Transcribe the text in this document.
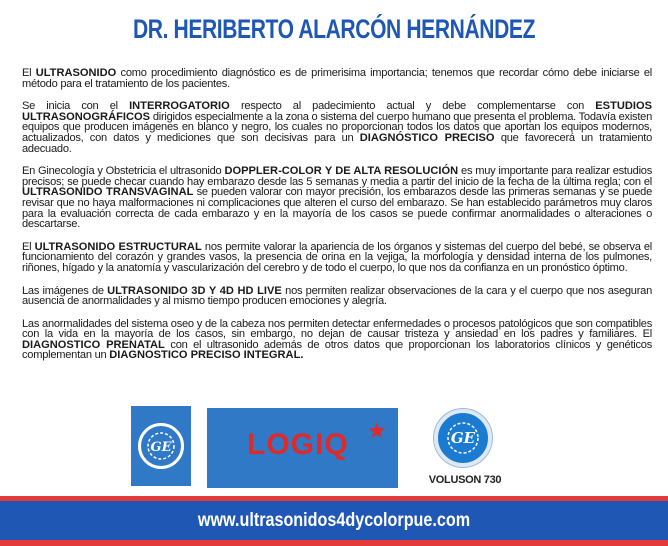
DR. HERIBERTO ALARCÓN HERNÁNDEZ

El ULTRASONIDO como procedimiento diagnóstico es de primerisima importancia; tenemos que recordar cómo debe iniciarse el método para el tratamiento de los pacientes.

Se inicia con el INTERROGATORIO respecto al padecimiento actual y debe complementarse con ESTUDIOS ULTRASONOGRÁFICOS dirigidos especialmente a la zona o sistema del cuerpo humano que presenta el problema. Todavía existen equipos que producen imágenes en blanco y negro, los cuales no proporcionan todos los datos que aportan los equipos modernos, actualizados, con datos y mediciones que son decisivas para un DIAGNÓSTICO PRECISO que favorecerá un tratamiento adecuado.

En Ginecología y Obstetricia el ultrasonido DOPPLER-COLOR Y DE ALTA RESOLUCIÓN es muy importante para realizar estudios precisos; se puede checar cuando hay embarazo desde las 5 semanas y media a partir del inicio de la fecha de la última regla; con el ULTRASONIDO TRANSVAGINAL se pueden valorar con mayor precisión, los embarazos desde las primeras semanas y se puede revisar que no haya malformaciones ni complicaciones que alteren el curso del embarazo. Se han establecido parámetros muy claros para la evaluación correcta de cada embarazo y en la mayoría de los casos se puede confirmar anormalidades o alteraciones o descartarse.

El ULTRASONIDO ESTRUCTURAL nos permite valorar la apariencia de los órganos y sistemas del cuerpo del bebé, se observa el funcionamiento del corazón y grandes vasos, la presencia de orina en la vejiga, la morfología y densidad interna de los pulmones, riñones, hígado y la anatomía y vascularización del cerebro y de todo el cuerpo, lo que nos da confianza en un pronóstico óptimo.

Las imágenes de ULTRASONIDO 3D Y 4D HD LIVE nos permiten realizar observaciones de la cara y el cuerpo que nos aseguran ausencia de anormalidades y al mismo tiempo producen emociones y alegría.

Las anormalidades del sistema oseo y de la cabeza nos permiten detectar enfermedades o procesos patológicos que son compatibles con la vida en la mayoría de los casos, sin embargo, no dejan de causar tristeza y ansiedad en los padres y familiares. El DIAGNOSTICO PRENATAL con el ultrasonido además de otros datos que proporcionan los laboratorios clínicos y genéticos complementan un DIAGNOSTICO PRECISO INTEGRAL.

GE	LOGIQ ★	GE
VOLUSON 730
www.ultrasonidos4dycolorpue.com
